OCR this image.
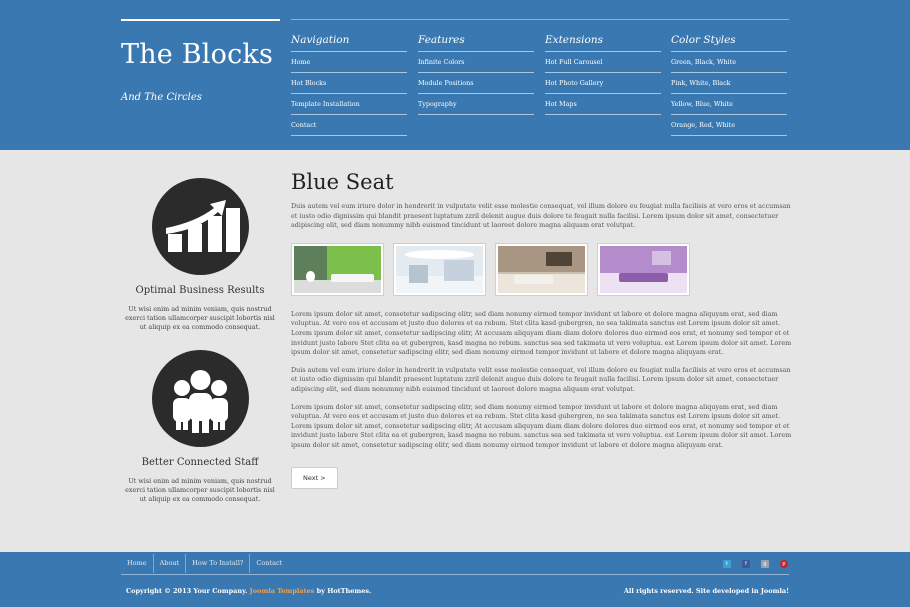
The Blocks
And The Circles
Navigation
Home
Hot Blocks
Template Installation
Contact
Features
Infinite Colors
Module Positions
Typography
Extensions
Hot Full Carousel
Hot Photo Gallery
Hot Maps
Color Styles
Green, Black, White
Pink, White, Black
Yellow, Blue, White
Orange, Red, White
Optimal Business Results
Ut wisi enim ad minim veniam, quis nostrud exerci tation ullamcorper suscipit lobortis nisl ut aliquip ex ea commodo consequat.
Better Connected Staff
Ut wisi enim ad minim veniam, quis nostrud exerci tation ullamcorper suscipit lobortis nisl ut aliquip ex ea commodo consequat.
Blue Seat

Duis autem vel eum iriure dolor in hendrerit in vulputate velit esse molestie consequat, vel illum dolore eu feugiat nulla facilisis at vero eros et accumsan et iusto odio dignissim qui blandit praesent luptatum zzril delenit augue duis dolore te feugait nulla facilisi. Lorem ipsum dolor sit amet, consectetuer adipiscing elit, sed diam nonummy nibh euismod tincidunt ut laoreet dolore magna aliquam erat volutpat.

Lorem ipsum dolor sit amet, consetetur sadipscing elitr, sed diam nonumy eirmod tempor invidunt ut labore et dolore magna aliquyam erat, sed diam voluptua. At vero eos et accusam et justo duo dolores et ea rebum. Stet clita kasd gubergren, no sea takimata sanctus est Lorem ipsum dolor sit amet. Lorem ipsum dolor sit amet, consetetur sadipscing elitr, At accusam aliquyam diam diam dolore dolores duo eirmod eos erat, et nonumy sed tempor et et invidunt justo labore Stet clita ea et gubergren, kasd magna no rebum. sanctus sea sed takimata ut vero voluptua. est Lorem ipsum dolor sit amet. Lorem ipsum dolor sit amet, consetetur sadipscing elitr, sed diam nonumy eirmod tempor invidunt ut labore et dolore magna aliquyam erat.

Duis autem vel eum iriure dolor in hendrerit in vulputate velit esse molestie consequat, vel illum dolore eu feugiat nulla facilisis at vero eros et accumsan et iusto odio dignissim qui blandit praesent luptatum zzril delenit augue duis dolore te feugait nulla facilisi. Lorem ipsum dolor sit amet, consectetuer adipiscing elit, sed diam nonummy nibh euismod tincidunt ut laoreet dolore magna aliquam erat volutpat.

Lorem ipsum dolor sit amet, consetetur sadipscing elitr, sed diam nonumy eirmod tempor invidunt ut labore et dolore magna aliquyam erat, sed diam voluptua. At vero eos et accusam et justo duo dolores et ea rebum. Stet clita kasd gubergren, no sea takimata sanctus est Lorem ipsum dolor sit amet. Lorem ipsum dolor sit amet, consetetur sadipscing elitr, At accusam aliquyam diam diam dolore dolores duo eirmod eos erat, et nonumy sed tempor et et invidunt justo labore Stet clita ea et gubergren, kasd magna no rebum. sanctus sea sed takimata ut vero voluptua. est Lorem ipsum dolor sit amet. Lorem ipsum dolor sit amet, consetetur sadipscing elitr, sed diam nonumy eirmod tempor invidunt ut labore et dolore magna aliquyam erat.

Next >
Home	About	How To Install?	Contact	t	f	g	p
Copyright © 2013 Your Company. Joomla Templates by HotThemes.	All rights reserved. Site developed in Joomla!
